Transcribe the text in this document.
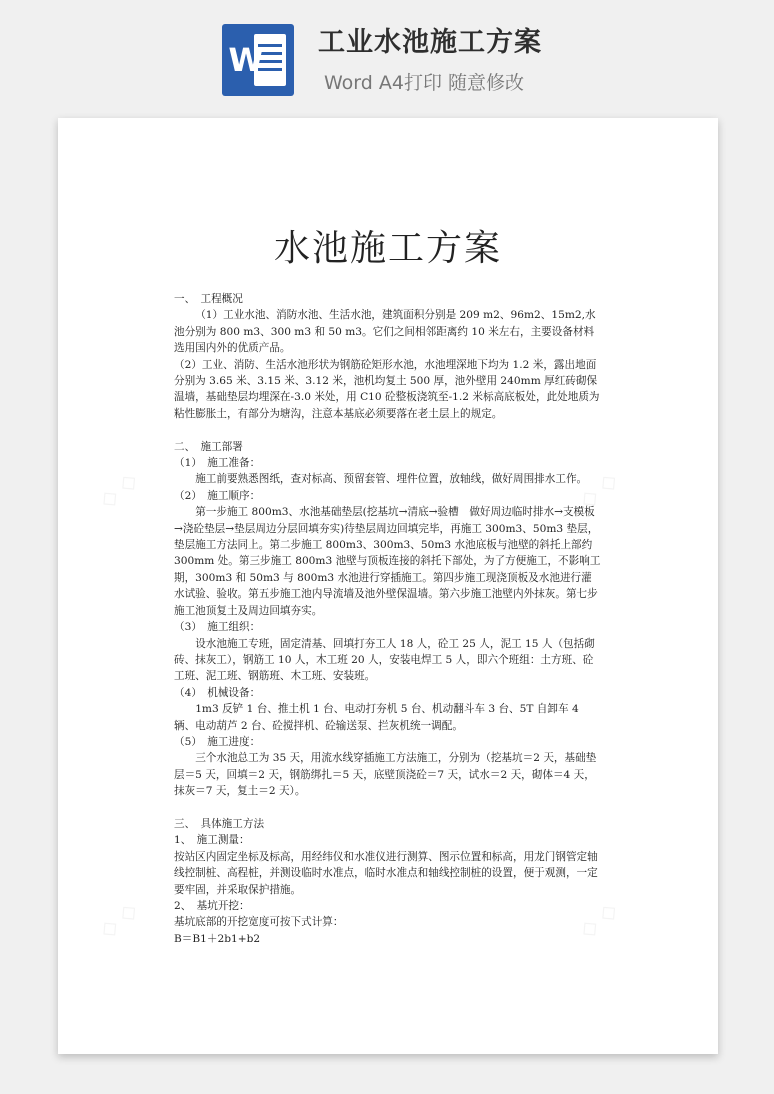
W 工业水池施工方案
Word A4打印 随意修改
◇ ◇	◇ ◇
◇ ◇	◇ ◇
水池施工方案

一、　工程概况

（1）工业水池、消防水池、生活水池，建筑面积分别是 209 m2、96m2、15m2,水池分别为 800 m3、300 m3 和 50 m3。它们之间相邻距离约 10 米左右，主要设备材料选用国内外的优质产品。

（2）工业、消防、生活水池形状为钢筋砼矩形水池，水池埋深地下均为 1.2 米，露出地面分别为 3.65 米、3.15 米、3.12 米，池机均复土 500 厚，池外壁用 240mm 厚红砖砌保温墙，基础垫层均埋深在-3.0 米处，用 C10 砼整板浇筑至-1.2 米标高底板处，此处地质为粘性膨胀土，有部分为塘沟，注意本基底必须要落在老土层上的规定。

二、　施工部署

（1）　施工准备：

施工前要熟悉图纸，查对标高、预留套管、埋件位置，放轴线，做好周围排水工作。

（2）　施工顺序：

第一步施工 800m3、水池基础垫层(挖基坑→清底→验槽　做好周边临时排水→支模板→浇砼垫层→垫层周边分层回填夯实)待垫层周边回填完毕，再施工 300m3、50m3 垫层，垫层施工方法同上。第二步施工 800m3、300m3、50m3 水池底板与池壁的斜托上部约 300mm 处。第三步施工 800m3 池壁与顶板连接的斜托下部处，为了方便施工，不影响工期，300m3 和 50m3 与 800m3 水池进行穿插施工。第四步施工现浇顶板及水池进行灌水试验、验收。第五步施工池内导流墙及池外壁保温墙。第六步施工池壁内外抹灰。第七步施工池顶复土及周边回填夯实。

（3）　施工组织：

设水池施工专班，固定清基、回填打夯工人 18 人，砼工 25 人，泥工 15 人（包括砌砖、抹灰工），钢筋工 10 人，木工班 20 人，安装电焊工 5 人，即六个班组：土方班、砼工班、泥工班、钢筋班、木工班、安装班。

（4）　机械设备：

1m3 反铲 1 台、推土机 1 台、电动打夯机 5 台、机动翻斗车 3 台、5T 自卸车 4 辆、电动葫芦 2 台、砼搅拌机、砼输送泵、拦灰机统一调配。

（5）　施工进度：

三个水池总工为 35 天，用流水线穿插施工方法施工，分别为（挖基坑＝2 天，基础垫层＝5 天，回填＝2 天，钢筋绑扎＝5 天，底壁顶浇砼＝7 天，试水＝2 天，砌体＝4 天，抹灰＝7 天，复土＝2 天）。

三、　具体施工方法

1、　施工测量：

按站区内固定坐标及标高，用经纬仪和水准仪进行测算、图示位置和标高，用龙门钢管定轴线控制桩、高程桩，并测设临时水准点，临时水准点和轴线控制桩的设置，便于观测，一定要牢固，并采取保护措施。

2、　基坑开挖：

基坑底部的开挖宽度可按下式计算：

B＝B1＋2b1+b2
